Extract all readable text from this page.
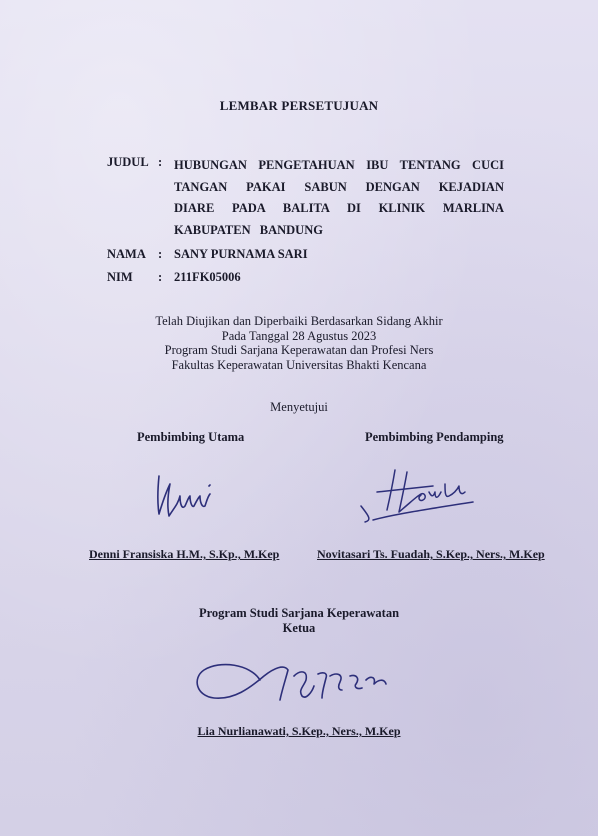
LEMBAR PERSETUJUAN
JUDUL : HUBUNGAN PENGETAHUAN IBU TENTANG CUCI TANGAN PAKAI SABUN DENGAN KEJADIAN DIARE PADA BALITA DI KLINIK MARLINA KABUPATEN BANDUNG
NAMA : SANY PURNAMA SARI
NIM : 211FK05006
Telah Diujikan dan Diperbaiki Berdasarkan Sidang Akhir
Pada Tanggal 28 Agustus 2023
Program Studi Sarjana Keperawatan dan Profesi Ners
Fakultas Keperawatan Universitas Bhakti Kencana
Menyetujui
Pembimbing Utama	Pembimbing Pendamping
Denni Fransiska H.M., S.Kp., M.Kep	Novitasari Ts. Fuadah, S.Kep., Ners., M.Kep
Program Studi Sarjana Keperawatan
Ketua
Lia Nurlianawati, S.Kep., Ners., M.Kep
